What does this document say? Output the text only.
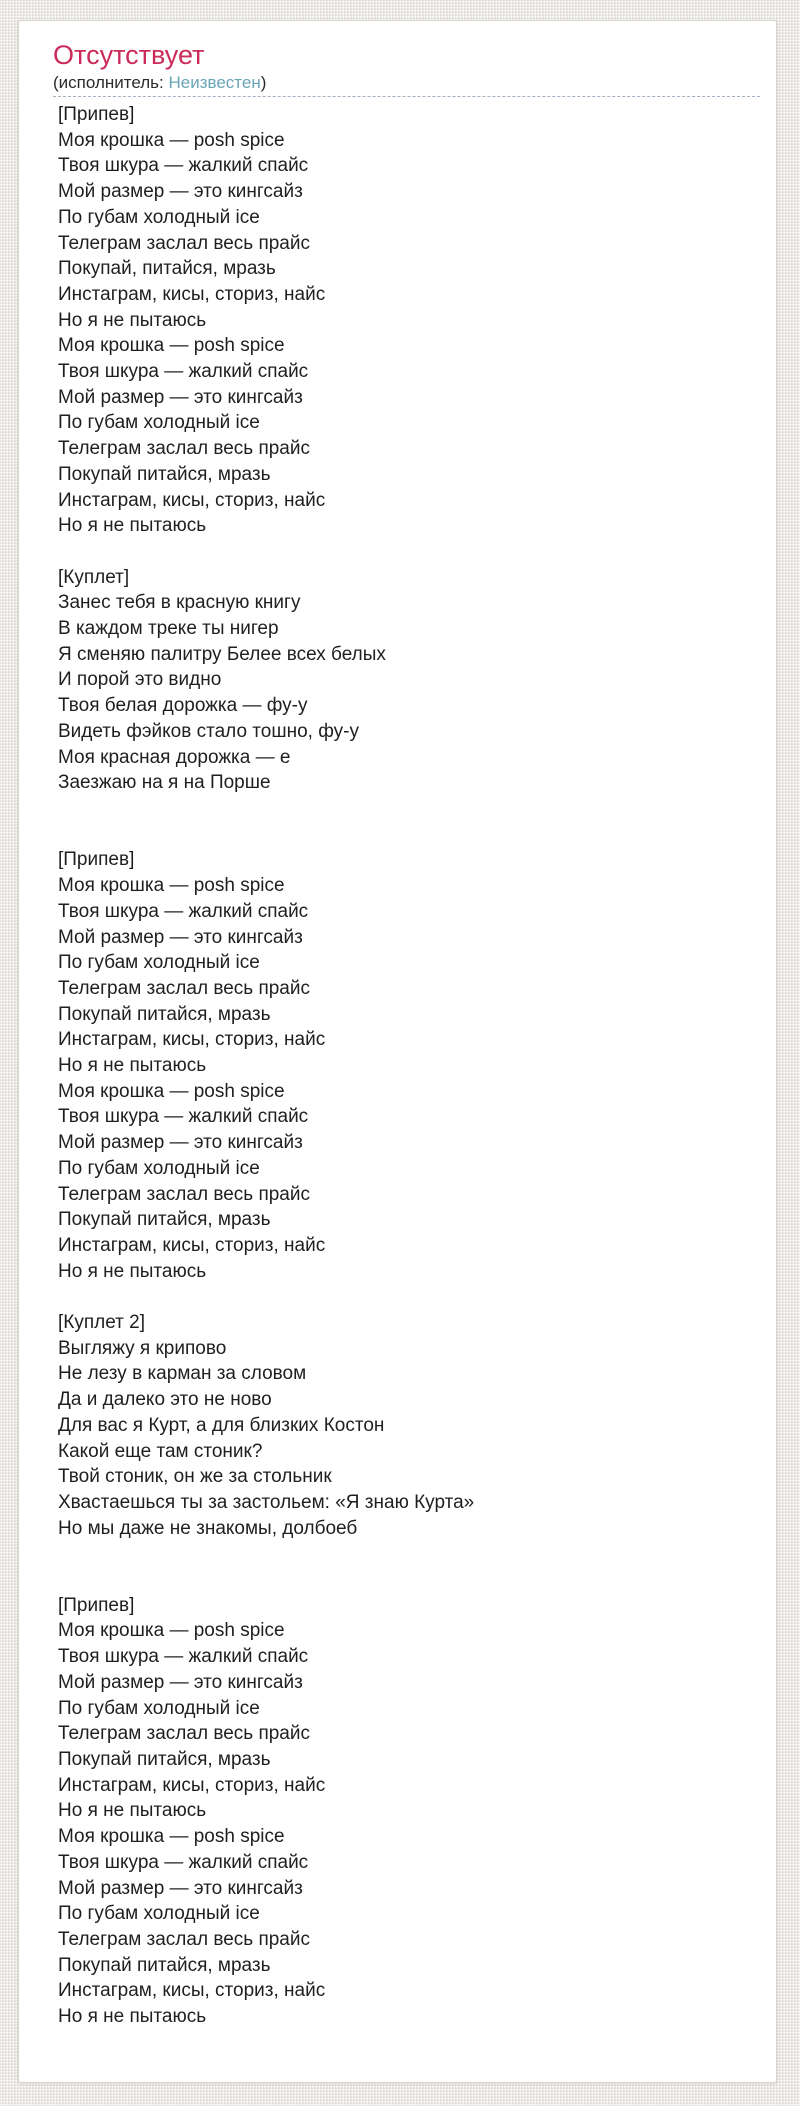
Отсутствует
(исполнитель: Неизвестен)
[Припев]
Моя крошка — posh spice
Твоя шкура — жалкий спайс
Мой размер — это кингсайз
По губам холодный ice
Телеграм заслал весь прайс
Покупай, питайся, мразь
Инстаграм, кисы, сториз, найс
Но я не пытаюсь
Моя крошка — posh spice
Твоя шкура — жалкий спайс
Мой размер — это кингсайз
По губам холодный ice
Телеграм заслал весь прайс
Покупай питайся, мразь
Инстаграм, кисы, сториз, найс
Но я не пытаюсь

[Куплет]
Занес тебя в красную книгу
В каждом треке ты нигер
Я сменяю палитру Белее всех белых
И порой это видно
Твоя белая дорожка — фу-у
Видеть фэйков стало тошно, фу-у
Моя красная дорожка — е
Заезжаю на я на Порше

[Припев]
Моя крошка — posh spice
Твоя шкура — жалкий спайс
Мой размер — это кингсайз
По губам холодный ice
Телеграм заслал весь прайс
Покупай питайся, мразь
Инстаграм, кисы, сториз, найс
Но я не пытаюсь
Моя крошка — posh spice
Твоя шкура — жалкий спайс
Мой размер — это кингсайз
По губам холодный ice
Телеграм заслал весь прайс
Покупай питайся, мразь
Инстаграм, кисы, сториз, найс
Но я не пытаюсь

[Куплет 2]
Выгляжу я крипово
Не лезу в карман за словом
Да и далеко это не ново
Для вас я Курт, а для близких Костон
Какой еще там стоник?
Твой стоник, он же за стольник
Хвастаешься ты за застольем: «Я знаю Курта»
Но мы даже не знакомы, долбоеб

[Припев]
Моя крошка — posh spice
Твоя шкура — жалкий спайс
Мой размер — это кингсайз
По губам холодный ice
Телеграм заслал весь прайс
Покупай питайся, мразь
Инстаграм, кисы, сториз, найс
Но я не пытаюсь
Моя крошка — posh spice
Твоя шкура — жалкий спайс
Мой размер — это кингсайз
По губам холодный ice
Телеграм заслал весь прайс
Покупай питайся, мразь
Инстаграм, кисы, сториз, найс
Но я не пытаюсь
